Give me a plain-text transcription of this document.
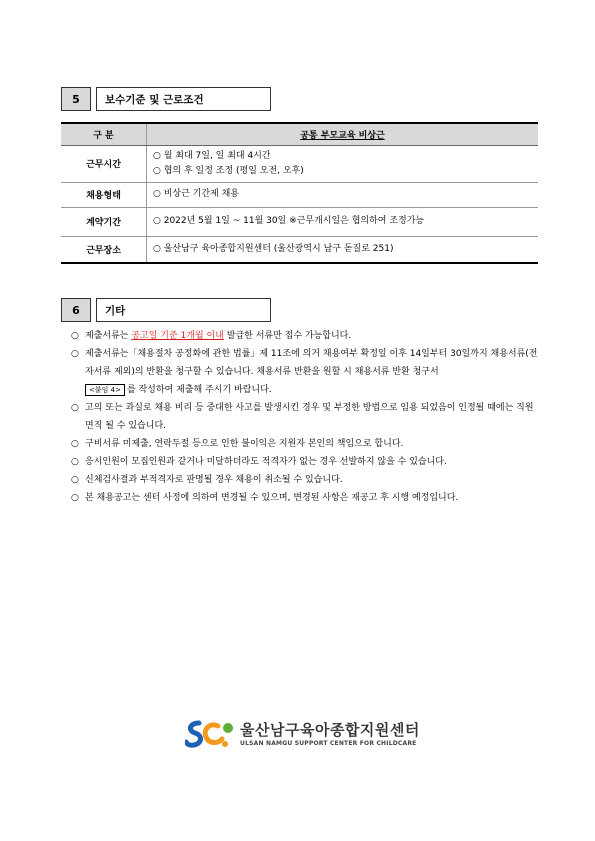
5	보수기준 및 근로조건
구 분	공통 부모교육 비상근
근무시간	○ 월 최대 7일, 일 최대 4시간
○ 협의 후 일정 조정 (평일 오전, 오후)

채용형태	○ 비상근 기간제 채용

계약기간	○ 2022년 5월 1일 ~ 11월 30일 ※근무개시일은 협의하여 조정가능

근무장소	○ 울산남구 육아종합지원센터 (울산광역시 남구 돋질로 251)
6	기타
○ 제출서류는 공고일 기준 1개월 이내 발급한 서류만 접수 가능합니다.
○ 제출서류는「채용절차 공정화에 관한 법률」제 11조에 의거 채용여부 확정일 이후 14일부터 30일까지 채용서류(전자서류 제외)의 반환을 청구할 수 있습니다. 채용서류 반환을 원할 시 채용서류 반환 청구서
<붙임 4> 를 작성하여 제출해 주시기 바랍니다.
○ 고의 또는 과실로 채용 비리 등 중대한 사고를 발생시킨 경우 및 부정한 방법으로 임용 되었음이 인정될 때에는 직원면직 될 수 있습니다.
○ 구비서류 미제출, 연락두절 등으로 인한 불이익은 지원자 본인의 책임으로 합니다.
○ 응시인원이 모집인원과 같거나 미달하더라도 적격자가 없는 경우 선발하지 않을 수 있습니다.
○ 신체검사결과 부적격자로 판명될 경우 채용이 취소될 수 있습니다.
○ 본 채용공고는 센터 사정에 의하여 변경될 수 있으며, 변경된 사항은 재공고 후 시행 예정입니다.
울산남구육아종합지원센터
ULSAN NAMGU SUPPORT CENTER FOR CHILDCARE
